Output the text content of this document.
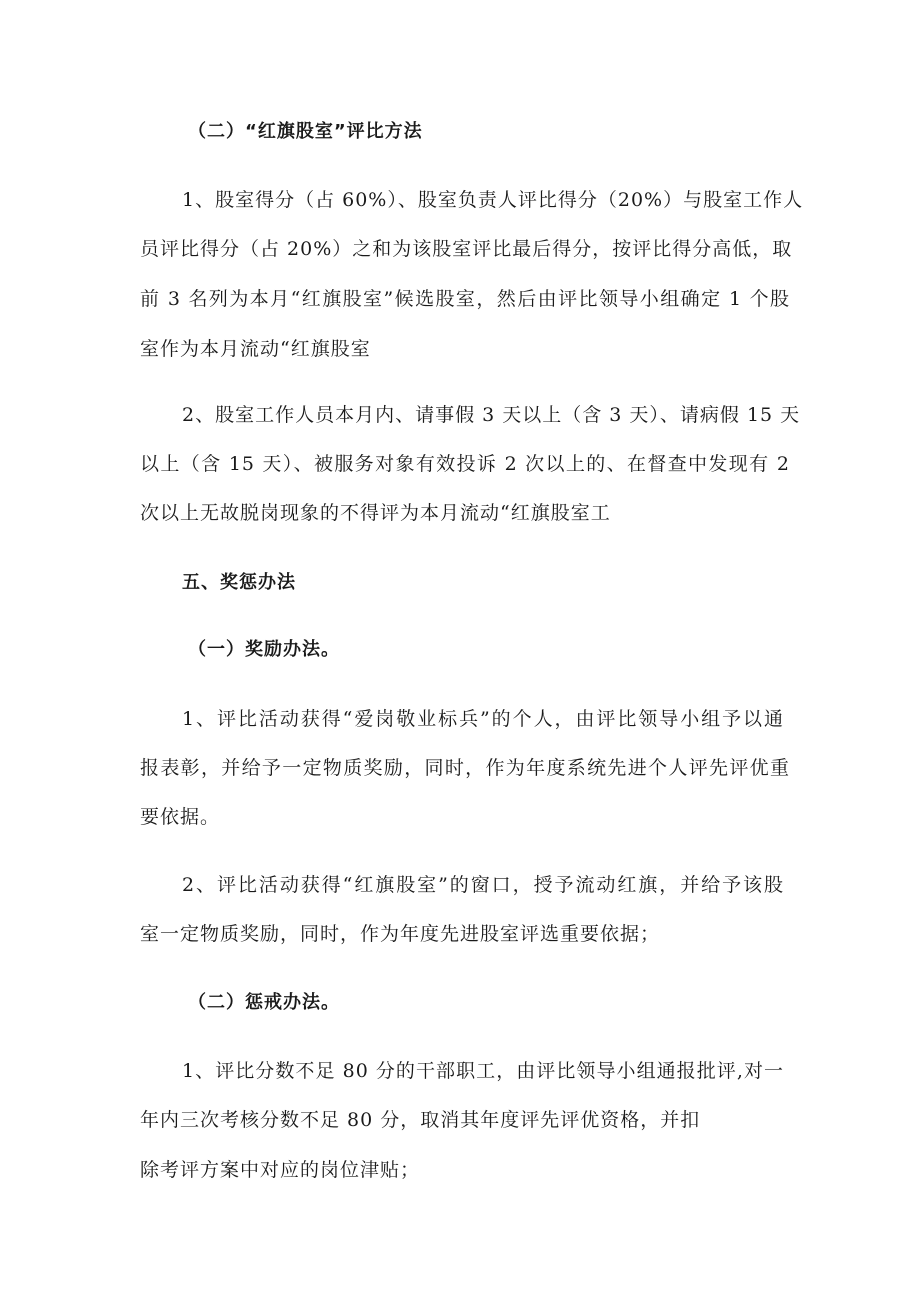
（二）“红旗股室”评比方法
1、股室得分（占 60%）、股室负责人评比得分（20%）与股室工作人
员评比得分（占 20%）之和为该股室评比最后得分，按评比得分高低，取
前 3 名列为本月“红旗股室”候选股室，然后由评比领导小组确定 1 个股
室作为本月流动“红旗股室
2、股室工作人员本月内、请事假 3 天以上（含 3 天）、请病假 15 天
以上（含 15 天）、被服务对象有效投诉 2 次以上的、在督查中发现有 2
次以上无故脱岗现象的不得评为本月流动“红旗股室工
五、奖惩办法
（一）奖励办法。
1、评比活动获得“爱岗敬业标兵”的个人，由评比领导小组予以通
报表彰，并给予一定物质奖励，同时，作为年度系统先进个人评先评优重
要依据。
2、评比活动获得“红旗股室”的窗口，授予流动红旗，并给予该股
室一定物质奖励，同时，作为年度先进股室评选重要依据；
（二）惩戒办法。
1、评比分数不足 80 分的干部职工，由评比领导小组通报批评,对一
年内三次考核分数不足 80 分，取消其年度评先评优资格，并扣
除考评方案中对应的岗位津贴；
